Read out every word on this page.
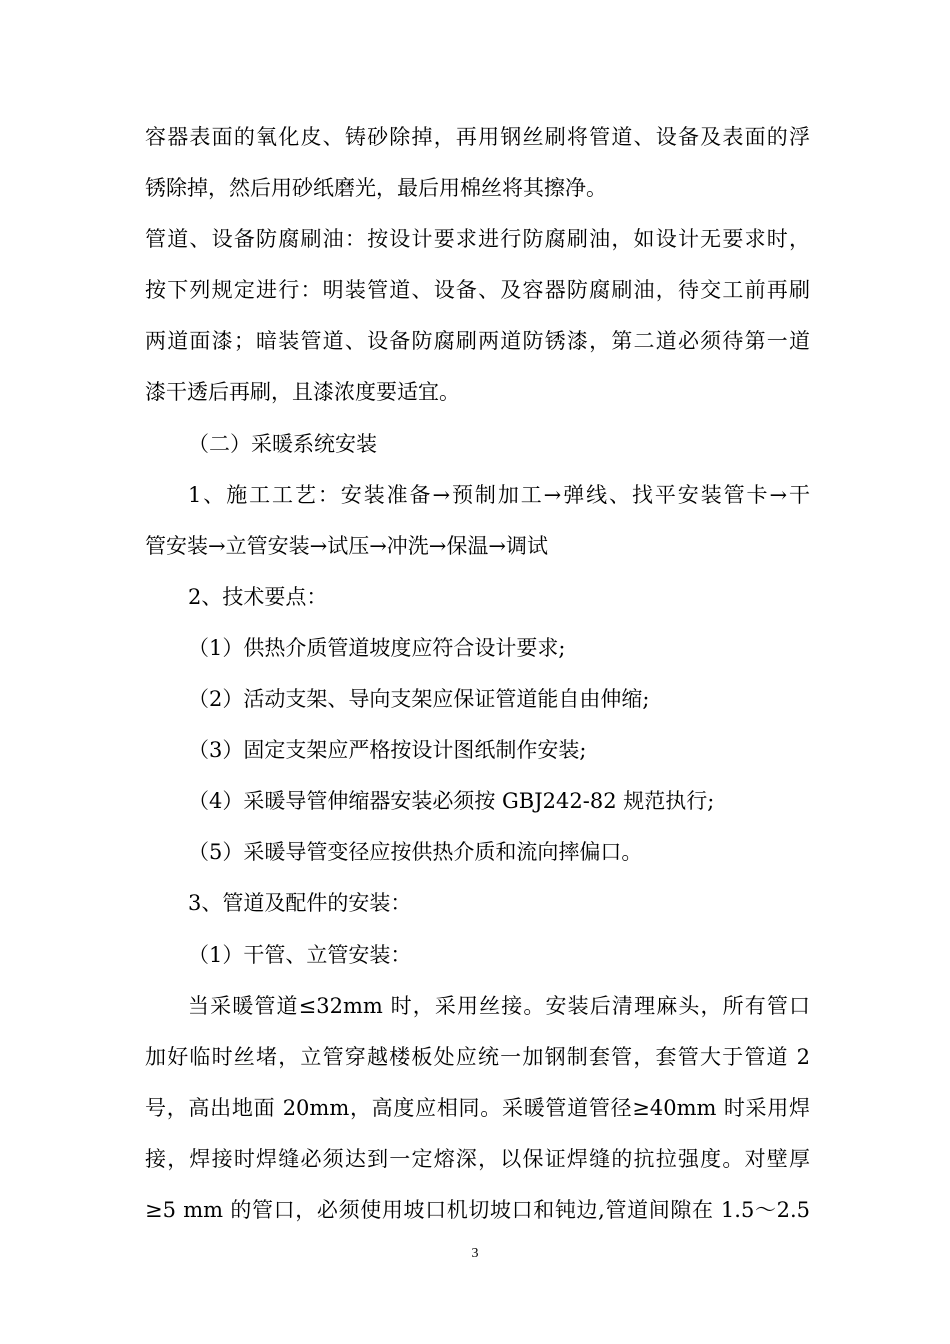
容器表面的氧化皮、铸砂除掉，再用钢丝刷将管道、设备及表面的浮
锈除掉，然后用砂纸磨光，最后用棉丝将其擦净。
管道、设备防腐刷油：按设计要求进行防腐刷油，如设计无要求时，
按下列规定进行：明装管道、设备、及容器防腐刷油，待交工前再刷
两道面漆；暗装管道、设备防腐刷两道防锈漆，第二道必须待第一道
漆干透后再刷，且漆浓度要适宜。
（二）采暖系统安装
1、施工工艺：安装准备→预制加工→弹线、找平安装管卡→干
管安装→立管安装→试压→冲洗→保温→调试
2、技术要点：
（1）供热介质管道坡度应符合设计要求;
（2）活动支架、导向支架应保证管道能自由伸缩;
（3）固定支架应严格按设计图纸制作安装;
（4）采暖导管伸缩器安装必须按 GBJ242-82 规范执行;
（5）采暖导管变径应按供热介质和流向摔偏口。
3、管道及配件的安装：
（1）干管、立管安装：
当采暖管道≤32mm 时，采用丝接。安装后清理麻头，所有管口
加好临时丝堵，立管穿越楼板处应统一加钢制套管，套管大于管道 2
号，高出地面 20mm，高度应相同。采暖管道管径≥40mm 时采用焊
接，焊接时焊缝必须达到一定熔深，以保证焊缝的抗拉强度。对壁厚
≥5 mm 的管口，必须使用坡口机切坡口和钝边,管道间隙在 1.5～2.5
3
